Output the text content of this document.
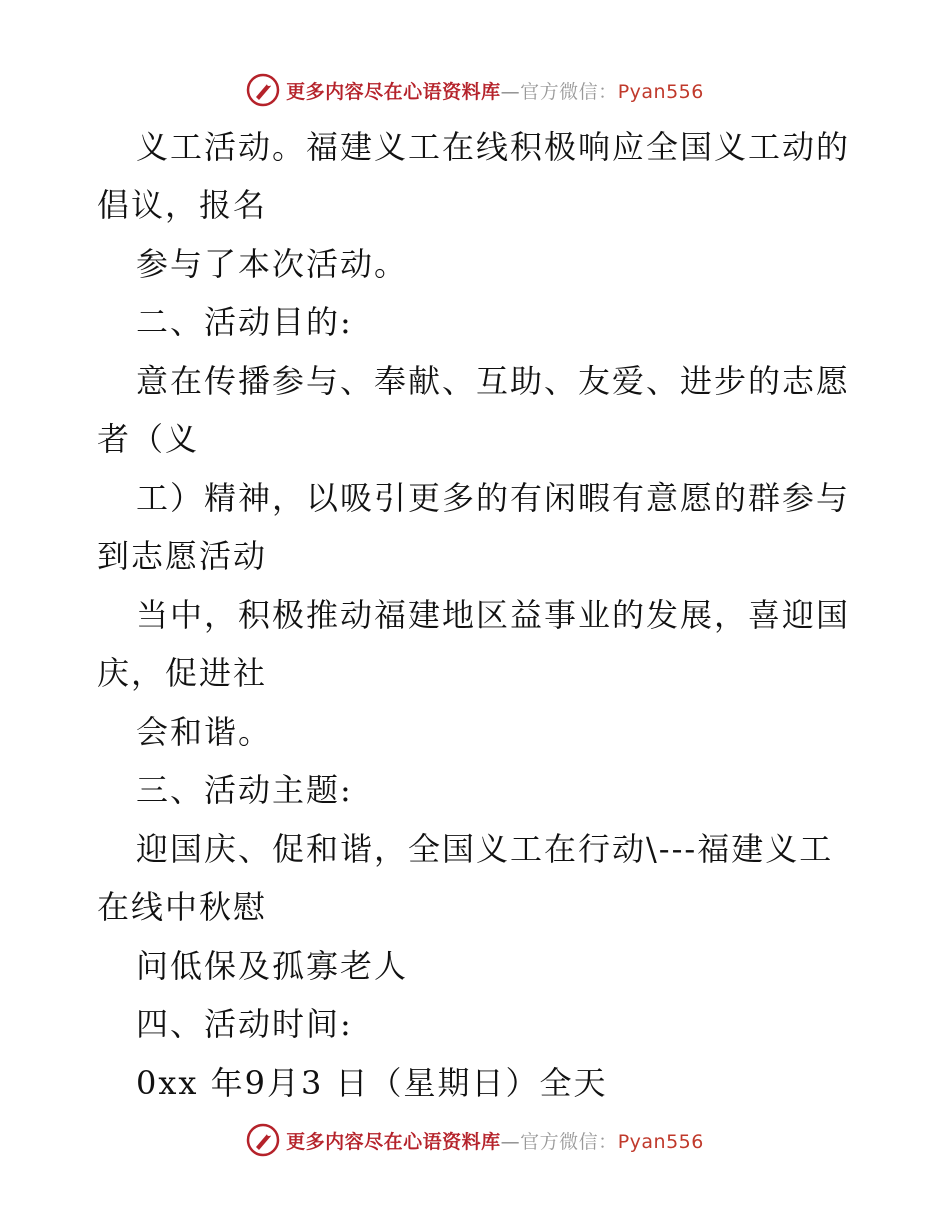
更多内容尽在心语资料库—官方微信：Pyan556
义工活动。福建义工在线积极响应全国义工动的
倡议，报名
参与了本次活动。
二、活动目的:
意在传播参与、奉献、互助、友爱、进步的志愿
者（义
工）精神，以吸引更多的有闲暇有意愿的群参与
到志愿活动
当中，积极推动福建地区益事业的发展，喜迎国
庆，促进社
会和谐。
三、活动主题:
迎国庆、促和谐，全国义工在行动\---福建义工
在线中秋慰
问低保及孤寡老人
四、活动时间:
0xx 年9月3 日（星期日）全天
更多内容尽在心语资料库—官方微信：Pyan556
